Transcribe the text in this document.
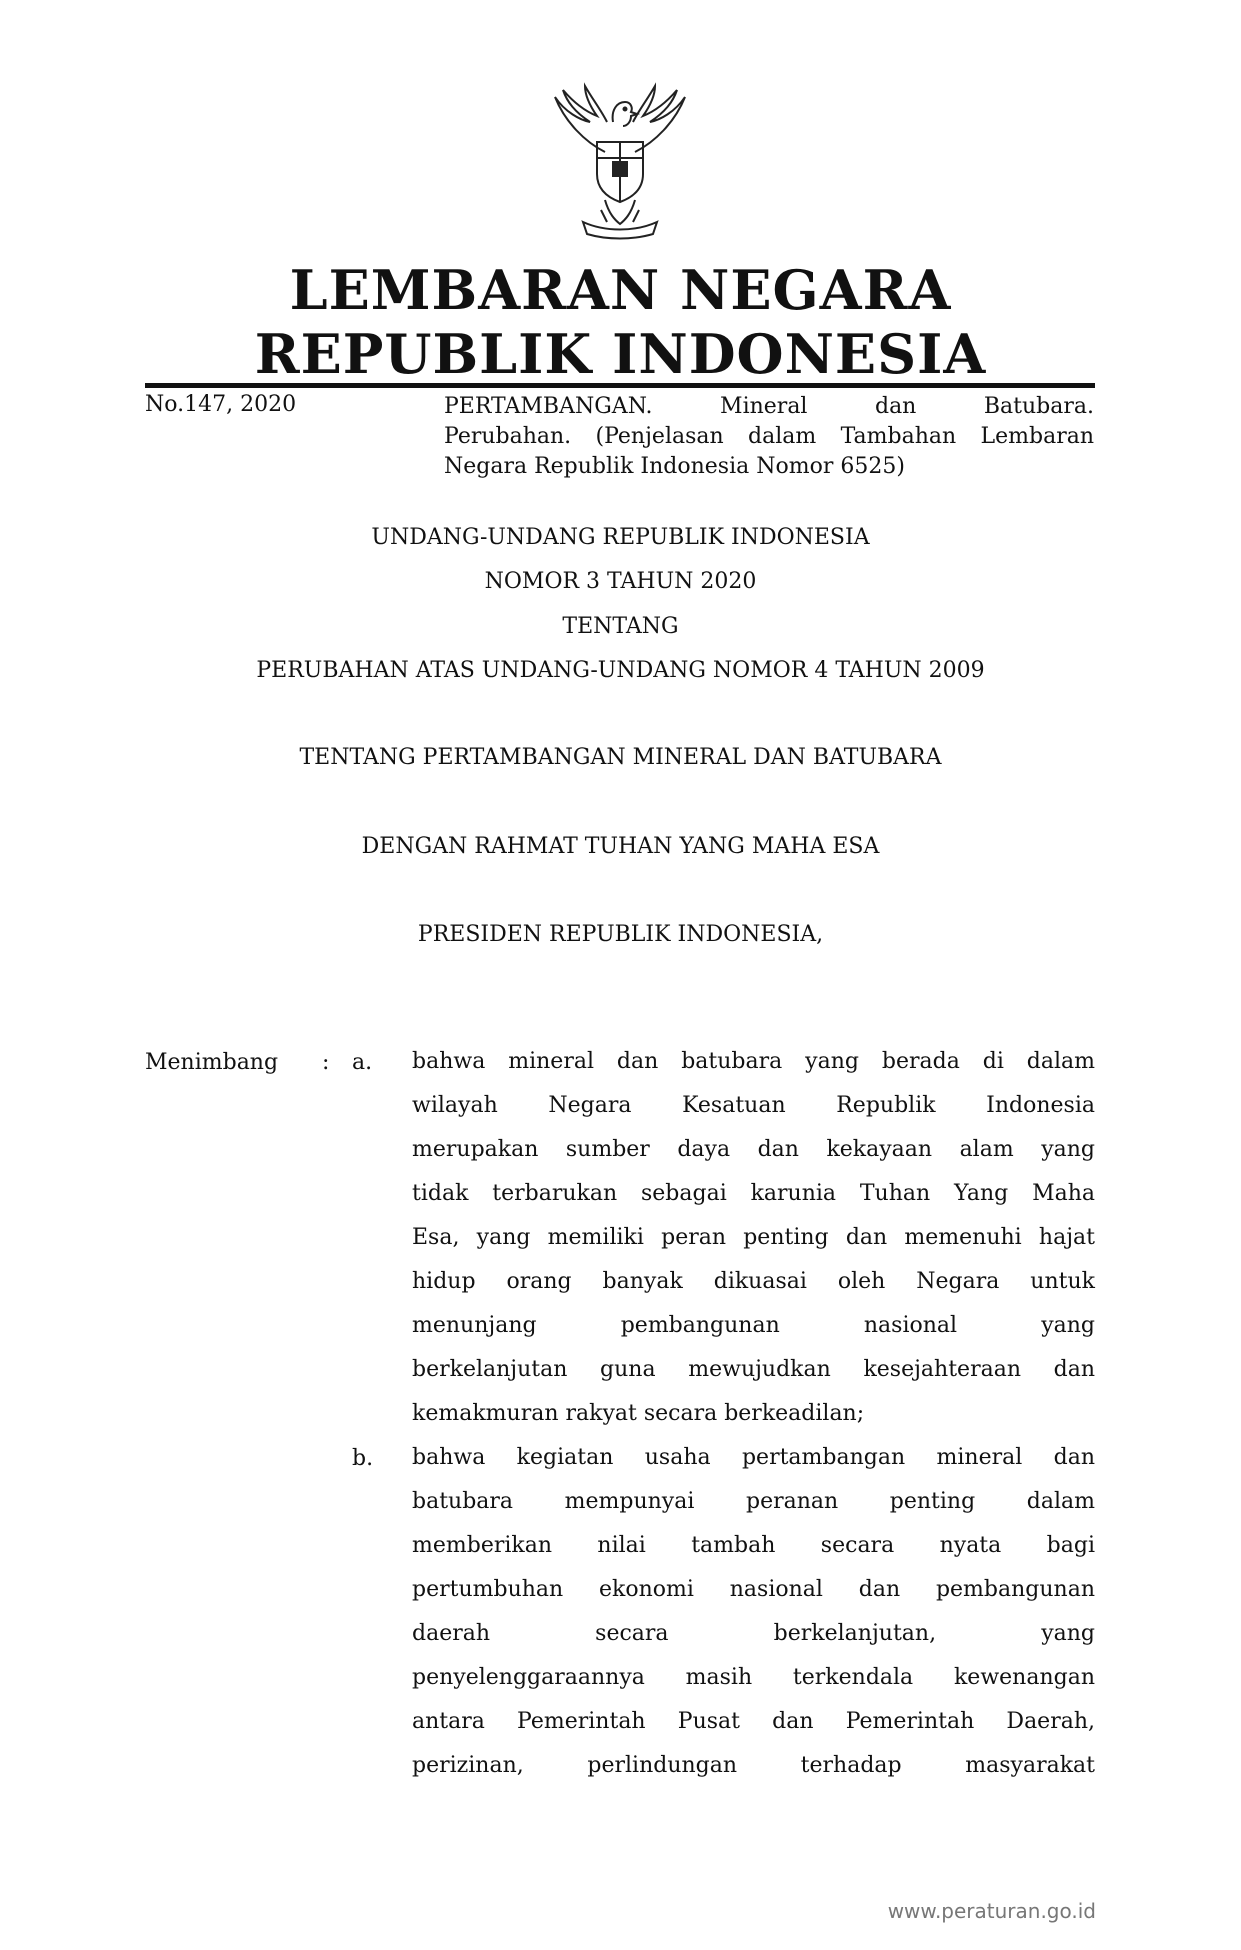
LEMBARAN NEGARA
REPUBLIK INDONESIA
No.147, 2020	PERTAMBANGAN. Mineral dan Batubara.
Perubahan. (Penjelasan dalam Tambahan Lembaran
Negara Republik Indonesia Nomor 6525)
UNDANG-UNDANG REPUBLIK INDONESIA
NOMOR 3 TAHUN 2020
TENTANG
PERUBAHAN ATAS UNDANG-UNDANG NOMOR 4 TAHUN 2009
TENTANG PERTAMBANGAN MINERAL DAN BATUBARA
DENGAN RAHMAT TUHAN YANG MAHA ESA
PRESIDEN REPUBLIK INDONESIA,
Menimbang : a. bahwa mineral dan batubara yang berada di dalam
wilayah Negara Kesatuan Republik Indonesia
merupakan sumber daya dan kekayaan alam yang
tidak terbarukan sebagai karunia Tuhan Yang Maha
Esa, yang memiliki peran penting dan memenuhi hajat
hidup orang banyak dikuasai oleh Negara untuk
menunjang pembangunan nasional yang
berkelanjutan guna mewujudkan kesejahteraan dan
kemakmuran rakyat secara berkeadilan;
b. bahwa kegiatan usaha pertambangan mineral dan
batubara mempunyai peranan penting dalam
memberikan nilai tambah secara nyata bagi
pertumbuhan ekonomi nasional dan pembangunan
daerah secara berkelanjutan, yang
penyelenggaraannya masih terkendala kewenangan
antara Pemerintah Pusat dan Pemerintah Daerah,
perizinan, perlindungan terhadap masyarakat
www.peraturan.go.id
